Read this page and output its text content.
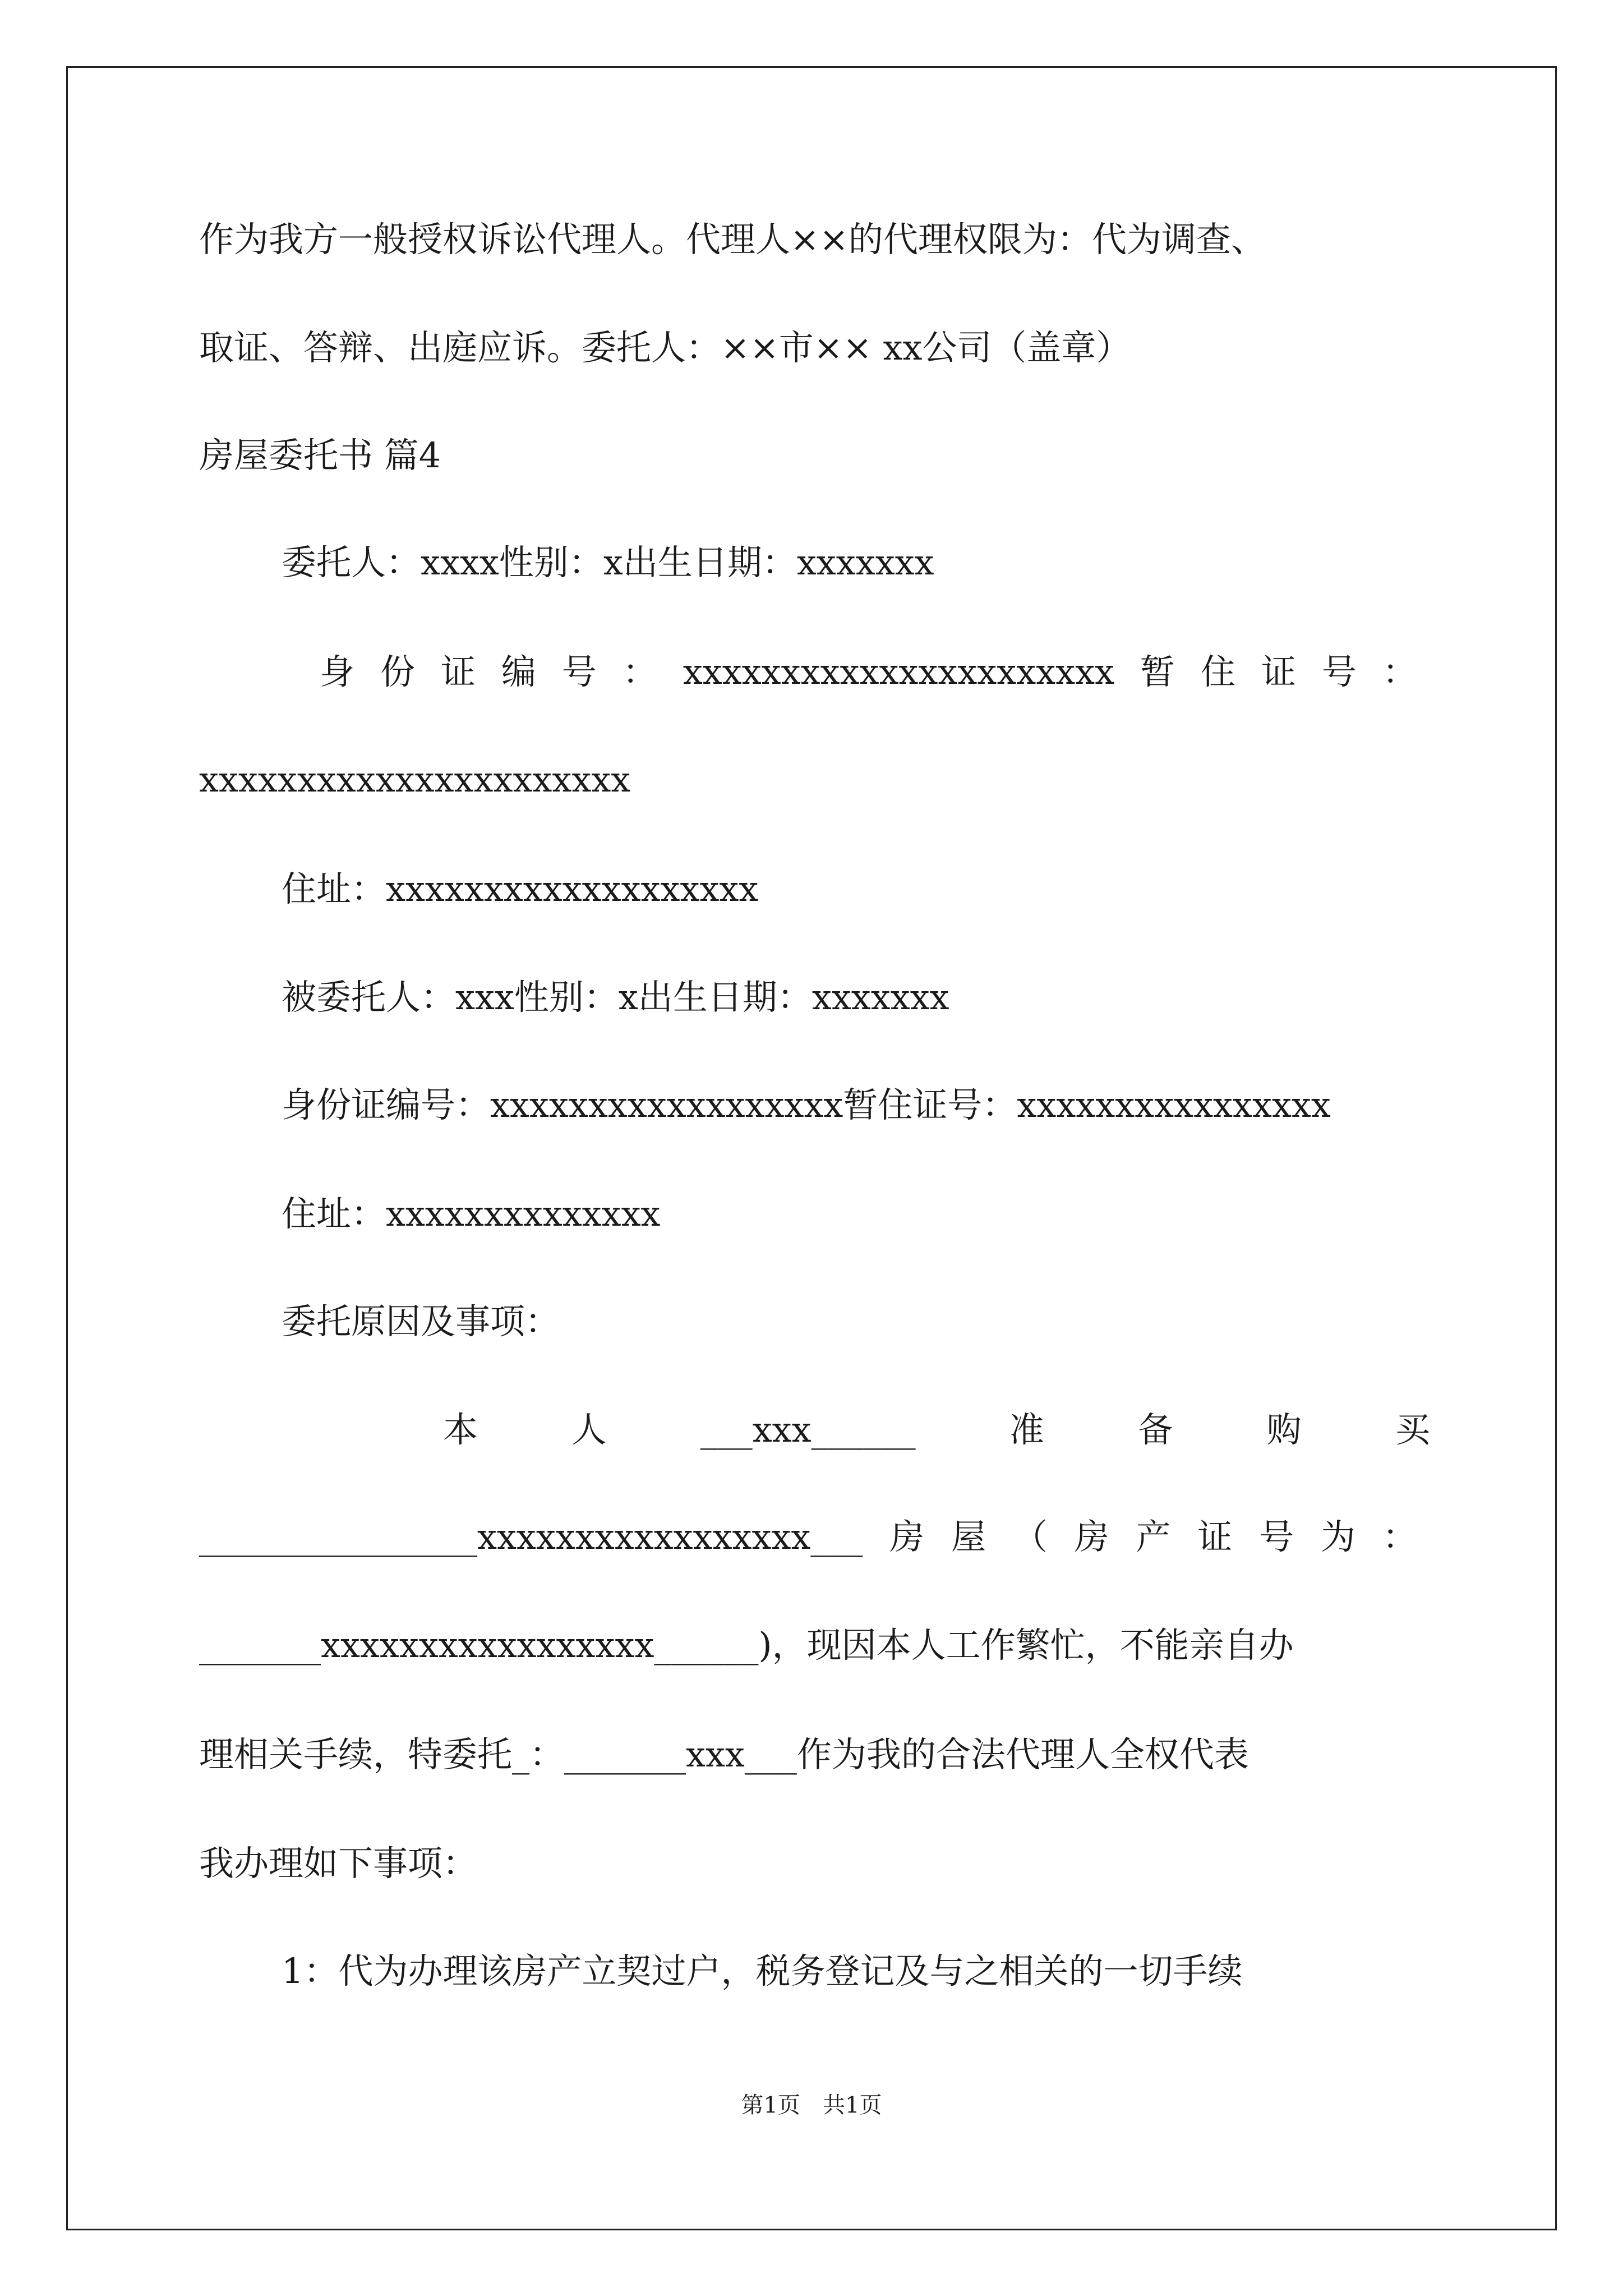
作为我方一般授权诉讼代理人。代理人××的代理权限为：代为调查、
取证、答辩、出庭应诉。委托人：××市×× xx公司（盖章）
房屋委托书 篇4
委托人：xxxx性别：x出生日期：xxxxxxx
身 份 证 编 号 ： xxxxxxxxxxxxxxxxxxxxxx 暂 住 证 号 ：
xxxxxxxxxxxxxxxxxxxxxx
住址：xxxxxxxxxxxxxxxxxxx
被委托人：xxx性别：x出生日期：xxxxxxx
身份证编号：xxxxxxxxxxxxxxxxxx暂住证号：xxxxxxxxxxxxxxxx
住址：xxxxxxxxxxxxxx
委托原因及事项：
本	人	___xxx______	准	备	购	买
________________xxxxxxxxxxxxxxxxx___ 房 屋 （ 房 产 证 号 为 ：
_______xxxxxxxxxxxxxxxxx______)，现因本人工作繁忙，不能亲自办
理相关手续，特委托_：_______xxx___作为我的合法代理人全权代表
我办理如下事项：
1：代为办理该房产立契过户，税务登记及与之相关的一切手续
第1页　共1页
